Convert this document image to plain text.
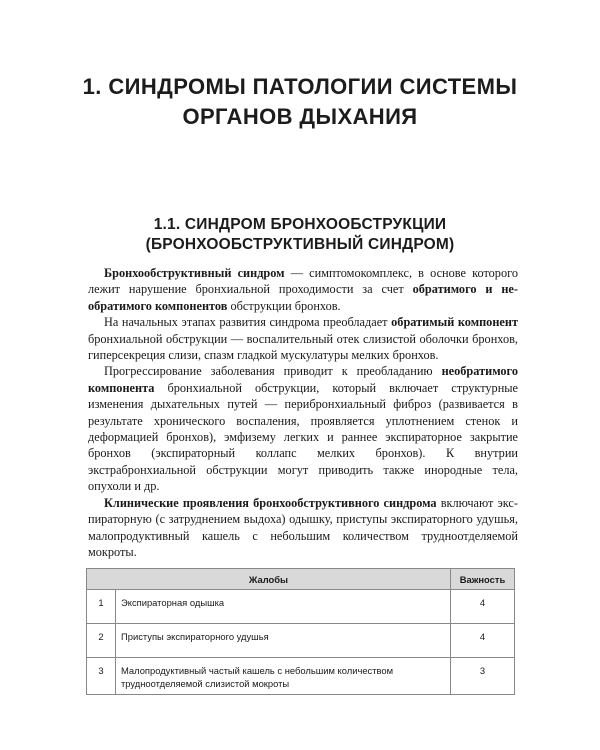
1. СИНДРОМЫ ПАТОЛОГИИ СИСТЕМЫ
ОРГАНОВ ДЫХАНИЯ
1.1. СИНДРОМ БРОНХООБСТРУКЦИИ
(БРОНХООБСТРУКТИВНЫЙ СИНДРОМ)

Бронхообструктивный синдром — симптомокомплекс, в основе которого лежит нарушение бронхиальной проходимости за счет обратимого и необратимого компонентов обструкции бронхов.

На начальных этапах развития синдрома преобладает обратимый компонент бронхиальной обструкции — воспалительный отек слизистой оболочки бронхов, гиперсекреция слизи, спазм гладкой мускулатуры мелких бронхов.

Прогрессирование заболевания приводит к преобладанию необратимого компонента бронхиальной обструкции, который включает структурные изменения дыхательных путей — перибронхиальный фиброз (развивается в результате хронического воспаления, проявляется уплотнением стенок и деформацией бронхов), эмфизему легких и раннее экспираторное закрытие бронхов (экспираторный коллапс мелких бронхов). К внутрии экстрабронхиальной обструкции могут приводить также инородные тела, опухоли и др.

Клинические проявления бронхообструктивного синдрома включают экспираторную (с затруднением выдоха) одышку, приступы экспираторного удушья, малопродуктивный кашель с небольшим количеством трудноотделяемой мокроты.

Жалобы		Важность
1	Экспираторная одышка	4
2	Приступы экспираторного удушья	4
3	Малопродуктивный частый кашель с небольшим количеством трудноотделяемой слизистой мокроты	3
